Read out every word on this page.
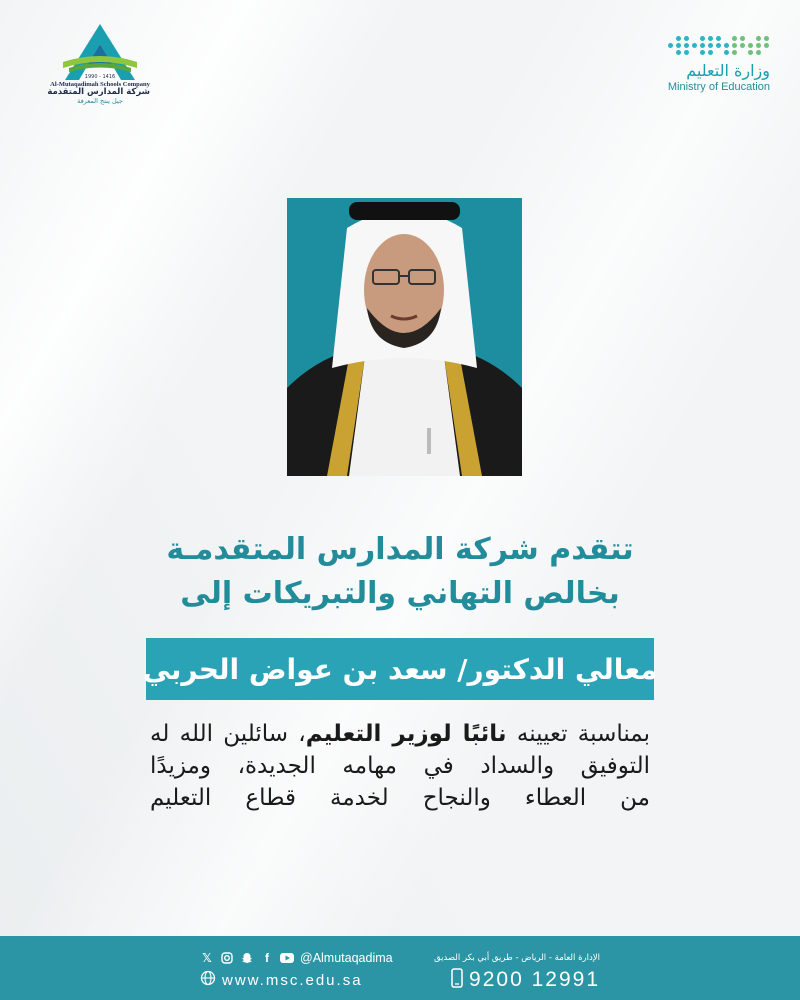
1990 - 1416
Al-Mutaqadimah Schools Company
شركة المدارس المتقدمة
جيل ينتج المعرفة
وزارة التعليم
Ministry of Education
تتقدم شركة المدارس المتقدمـة
بخالص التهاني والتبريكات إلى
معالي الدكتور/ سعد بن عواض الحربي
بمناسبة تعيينه نائبًا لوزير التعليم، سائلين الله له
التوفيق والسداد في مهامه الجديدة، ومزيدًا
من العطاء والنجاح لخدمة قطاع التعليم
𝕏	f	@Almutaqadima	الإدارة العامة - الرياض - طريق أبي بكر الصديق
www.msc.edu.sa	9200 12991
